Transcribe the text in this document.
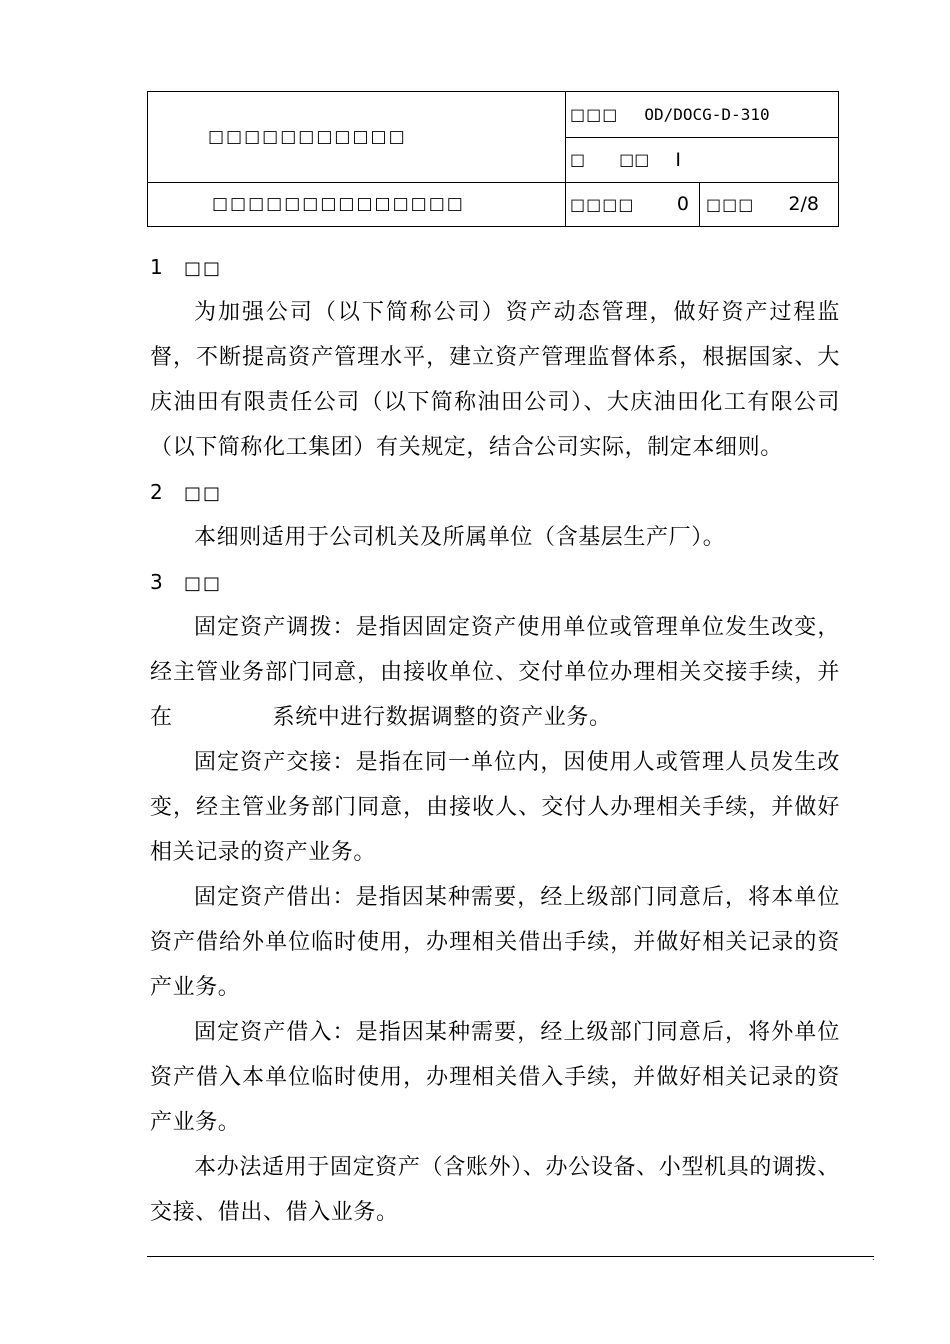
□□□□□□□□□□□
□□□ OD/DOCG-D-310
□ □□ I
□□□□□□□□□□□□□□	□□□□ 0 □□□ 2/8
1 □□

为加强公司（以下简称公司）资产动态管理，做好资产过程监督，不断提高资产管理水平，建立资产管理监督体系，根据国家、大庆油田有限责任公司（以下简称油田公司）、大庆油田化工有限公司（以下简称化工集团）有关规定，结合公司实际，制定本细则。

2 □□

本细则适用于公司机关及所属单位（含基层生产厂）。

3 □□

固定资产调拨：是指因固定资产使用单位或管理单位发生改变，经主管业务部门同意，由接收单位、交付单位办理相关交接手续，并在	系统中进行数据调整的资产业务。

固定资产交接：是指在同一单位内，因使用人或管理人员发生改变，经主管业务部门同意，由接收人、交付人办理相关手续，并做好相关记录的资产业务。

固定资产借出：是指因某种需要，经上级部门同意后，将本单位资产借给外单位临时使用，办理相关借出手续，并做好相关记录的资产业务。

固定资产借入：是指因某种需要，经上级部门同意后，将外单位资产借入本单位临时使用，办理相关借入手续，并做好相关记录的资产业务。

本办法适用于固定资产（含账外）、办公设备、小型机具的调拨、交接、借出、借入业务。

.
